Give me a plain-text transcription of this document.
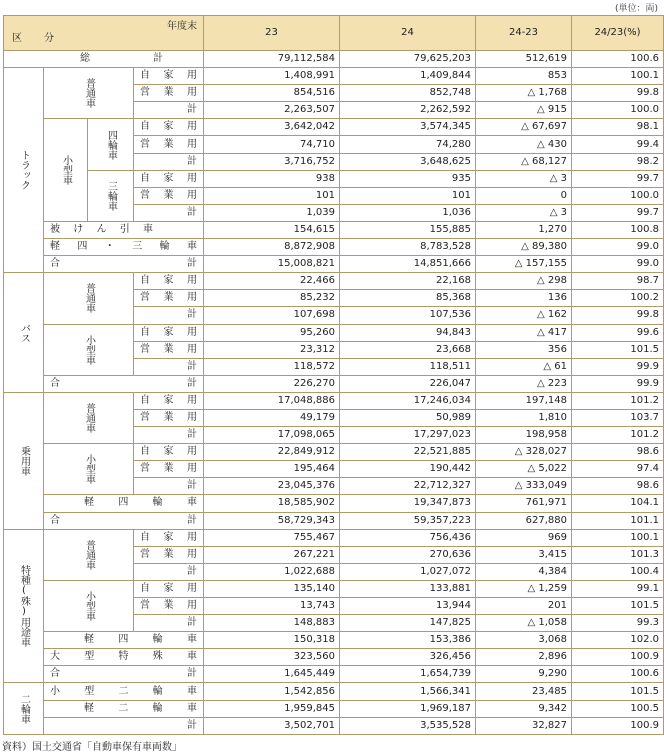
(単位：両)
年度末
区　分				23	24	24-23	24/23(%)
総計				79,112,584	79,625,203	512,619	100.6
トラック	普通車		自家用	1,408,991	1,409,844	853	100.1
			営業用	854,516	852,748	△ 1,768	99.8
			計	2,263,507	2,262,592	△ 915	100.0
	小型車	四輪車	自家用	3,642,042	3,574,345	△ 67,697	98.1
			営業用	74,710	74,280	△ 430	99.4
			計	3,716,752	3,648,625	△ 68,127	98.2
		三輪車	自家用	938	935	△ 3	99.7
			営業用	101	101	0	100.0
			計	1,039	1,036	△ 3	99.7
	被けん引車			154,615	155,885	1,270	100.8
	軽四・三輪車			8,872,908	8,783,528	△ 89,380	99.0
	合計			15,008,821	14,851,666	△ 157,155	99.0
バス	普通車		自家用	22,466	22,168	△ 298	98.7
			営業用	85,232	85,368	136	100.2
			計	107,698	107,536	△ 162	99.8
	小型車		自家用	95,260	94,843	△ 417	99.6
			営業用	23,312	23,668	356	101.5
			計	118,572	118,511	△ 61	99.9
	合計			226,270	226,047	△ 223	99.9
乗用車	普通車		自家用	17,048,886	17,246,034	197,148	101.2
			営業用	49,179	50,989	1,810	103.7
			計	17,098,065	17,297,023	198,958	101.2
	小型車		自家用	22,849,912	22,521,885	△ 328,027	98.6
			営業用	195,464	190,442	△ 5,022	97.4
			計	23,045,376	22,712,327	△ 333,049	98.6
	軽四輪車			18,585,902	19,347,873	761,971	104.1
	合計			58,729,343	59,357,223	627,880	101.1
特種(殊)用途車	普通車		自家用	755,467	756,436	969	100.1
			営業用	267,221	270,636	3,415	101.3
			計	1,022,688	1,027,072	4,384	100.4
	小型車		自家用	135,140	133,881	△ 1,259	99.1
			営業用	13,743	13,944	201	101.5
			計	148,883	147,825	△ 1,058	99.3
	軽四輪車			150,318	153,386	3,068	102.0
	大型特殊車			323,560	326,456	2,896	100.9
	合計			1,645,449	1,654,739	9,290	100.6
二輪車	小型二輪車			1,542,856	1,566,341	23,485	101.5
	軽二輪車			1,959,845	1,969,187	9,342	100.5
	計			3,502,701	3,535,528	32,827	100.9
資料）国土交通省「自動車保有車両数」
